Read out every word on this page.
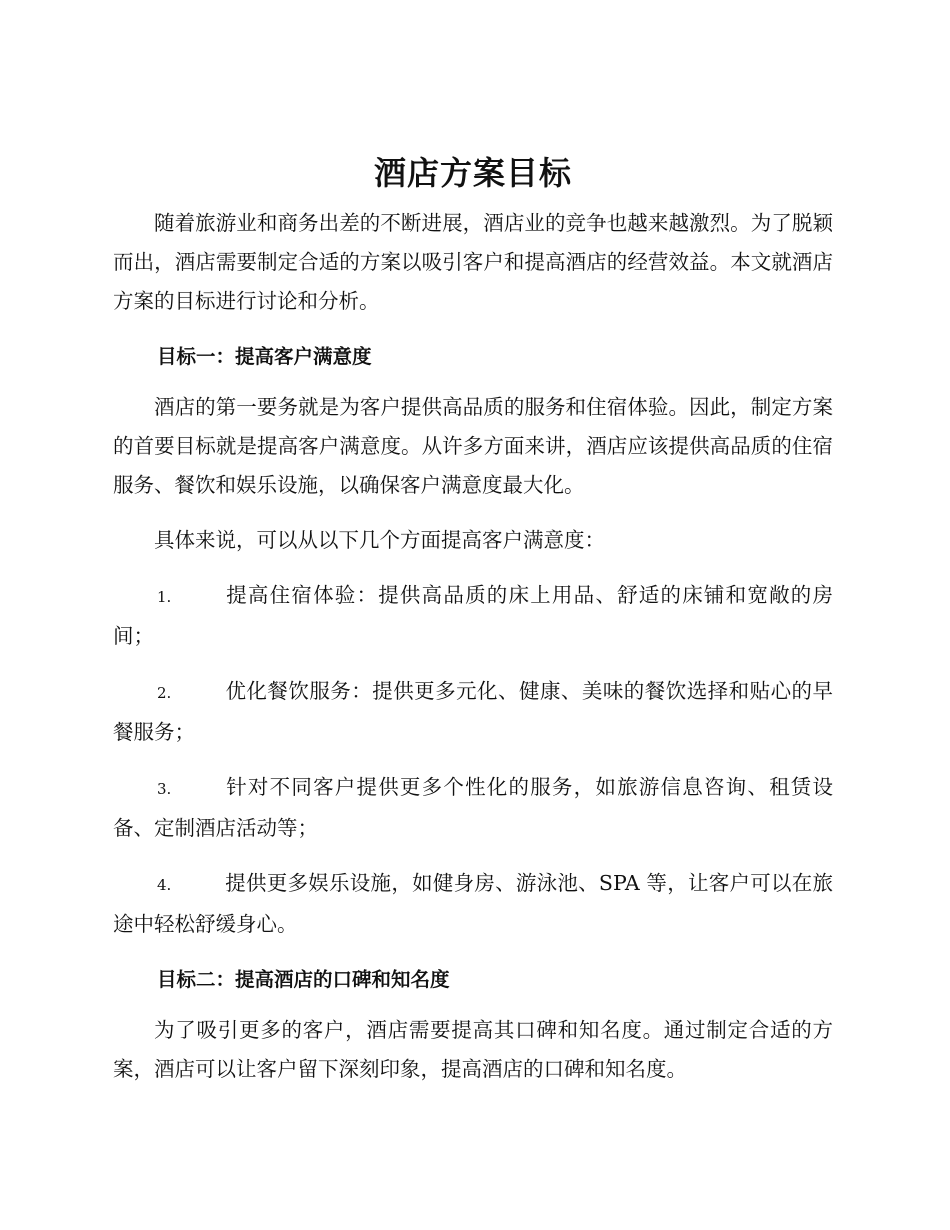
酒店方案目标

随着旅游业和商务出差的不断进展，酒店业的竞争也越来越激烈。为了脱颖而出，酒店需要制定合适的方案以吸引客户和提高酒店的经营效益。本文就酒店方案的目标进行讨论和分析。

目标一：提高客户满意度

酒店的第一要务就是为客户提供高品质的服务和住宿体验。因此，制定方案的首要目标就是提高客户满意度。从许多方面来讲，酒店应该提供高品质的住宿服务、餐饮和娱乐设施，以确保客户满意度最大化。

具体来说，可以从以下几个方面提高客户满意度：

1.	提高住宿体验：提供高品质的床上用品、舒适的床铺和宽敞的房间；

2.	优化餐饮服务：提供更多元化、健康、美味的餐饮选择和贴心的早餐服务；

3.	针对不同客户提供更多个性化的服务，如旅游信息咨询、租赁设备、定制酒店活动等；

4.	提供更多娱乐设施，如健身房、游泳池、SPA 等，让客户可以在旅途中轻松舒缓身心。

目标二：提高酒店的口碑和知名度

为了吸引更多的客户，酒店需要提高其口碑和知名度。通过制定合适的方案，酒店可以让客户留下深刻印象，提高酒店的口碑和知名度。
